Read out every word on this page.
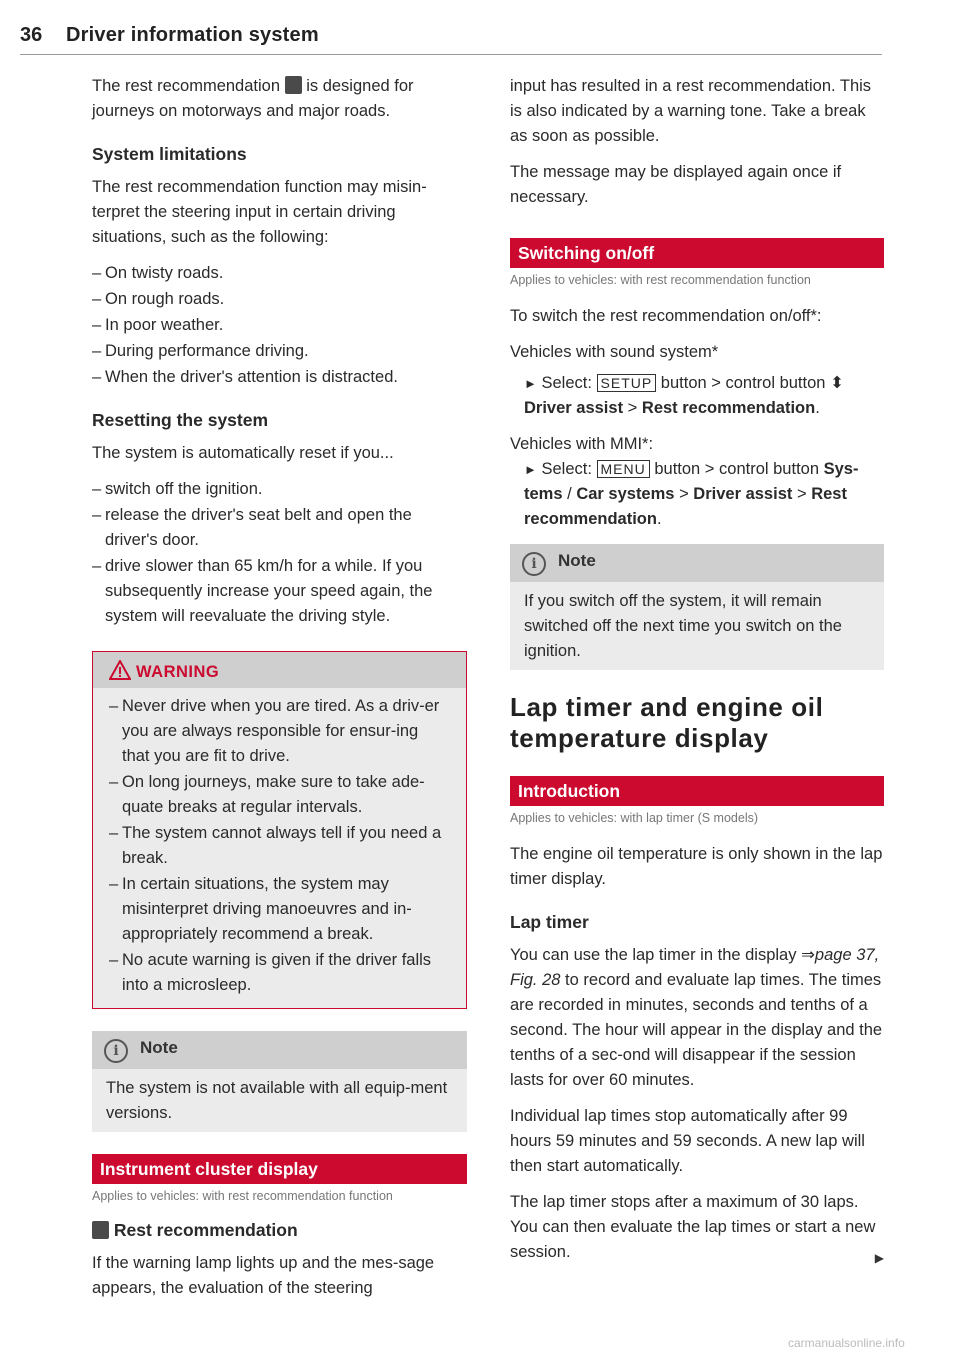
36 Driver information system

The rest recommendation is designed for journeys on motorways and major roads.

System limitations

The rest recommendation function may misin-terpret the steering input in certain driving situations, such as the following:

– On twisty roads.
– On rough roads.
– In poor weather.
– During performance driving.
– When the driver's attention is distracted.
Resetting the system

The system is automatically reset if you...

– switch off the ignition.
– release the driver's seat belt and open the driver's door.
– drive slower than 65 km/h for a while. If you subsequently increase your speed again, the system will reevaluate the driving style.
WARNING
– Never drive when you are tired. As a driv-er you are always responsible for ensur-ing that you are fit to drive.
– On long journeys, make sure to take ade-quate breaks at regular intervals.
– The system cannot always tell if you need a break.
– In certain situations, the system may misinterpret driving manoeuvres and in-appropriately recommend a break.
– No acute warning is given if the driver falls into a microsleep.
i Note

The system is not available with all equip-ment versions.

Instrument cluster display
Applies to vehicles: with rest recommendation function
Rest recommendation

If the warning lamp lights up and the mes-sage appears, the evaluation of the steering

input has resulted in a rest recommendation. This is also indicated by a warning tone. Take a break as soon as possible.

The message may be displayed again once if necessary.

Switching on/off
Applies to vehicles: with rest recommendation function

To switch the rest recommendation on/off*:

Vehicles with sound system*

► Select: SETUP button > control button ⬍ Driver assist > Rest recommendation.

Vehicles with MMI*:

► Select: MENU button > control button Sys-tems / Car systems > Driver assist > Rest recommendation.

i Note

If you switch off the system, it will remain switched off the next time you switch on the ignition.

Lap timer and engine oil temperature display
Introduction
Applies to vehicles: with lap timer (S models)

The engine oil temperature is only shown in the lap timer display.

Lap timer

You can use the lap timer in the display ⇒page 37, Fig. 28 to record and evaluate lap times. The times are recorded in minutes, seconds and tenths of a second. The hour will appear in the display and the tenths of a sec-ond will disappear if the session lasts for over 60 minutes.

Individual lap times stop automatically after 99 hours 59 minutes and 59 seconds. A new lap will then start automatically.

The lap timer stops after a maximum of 30 laps. You can then evaluate the lap times or start a new session.	▶

carmanualsonline.info
